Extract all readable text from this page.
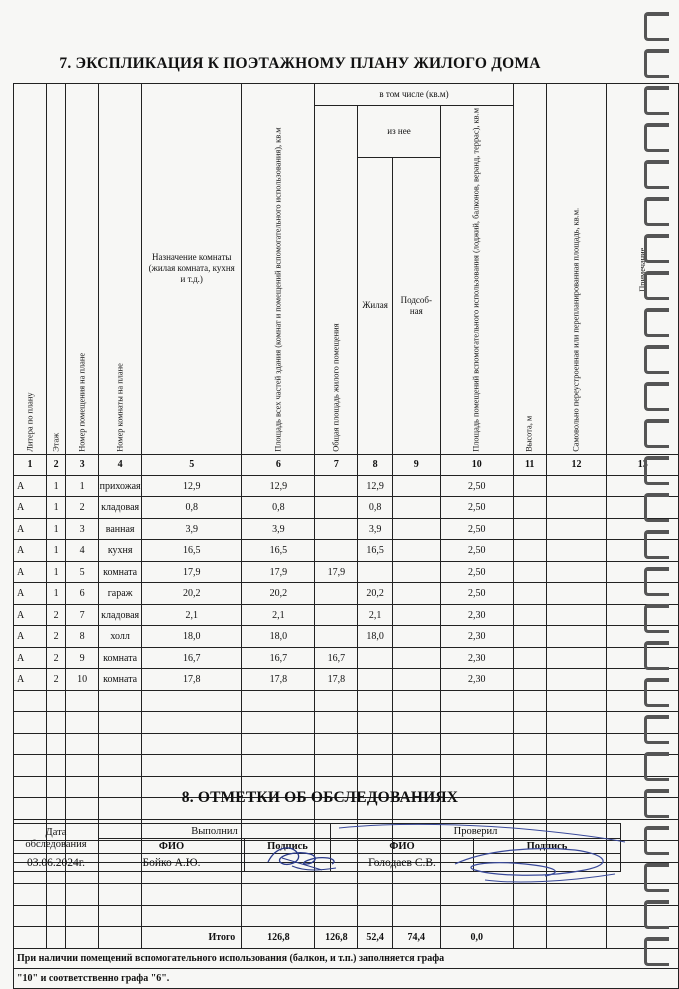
7. ЭКСПЛИКАЦИЯ К ПОЭТАЖНОМУ ПЛАНУ ЖИЛОГО ДОМА
Литера по плану	Этаж	Номер помещения на плане	Номер комнаты на плане	Назначение комнаты (жилая комната, кухня и т.д.)	Площадь всех частей здания (комнат и помещений вспомогательного использования), кв.м	в том числе (кв.м)				Высота, м	Самовольно переустроенная или перепланированная площадь, кв.м.	Примечание
						Общая площадь жилого помещения	из нее		Площадь помещений вспомогательного использования (лоджий, балконов, веранд, террас), кв.м			
							Жилая	Подсоб-ная				
1	2	3	4	5	6	7	8	9	10	11	12	13
А	1	1	прихожая	12,9	12,9		12,9		2,50			
А	1	2	кладовая	0,8	0,8		0,8		2,50			
А	1	3	ванная	3,9	3,9		3,9		2,50			
А	1	4	кухня	16,5	16,5		16,5		2,50			
А	1	5	комната	17,9	17,9	17,9			2,50			
А	1	6	гараж	20,2	20,2		20,2		2,50			
А	2	7	кладовая	2,1	2,1		2,1		2,30			
А	2	8	холл	18,0	18,0		18,0		2,30			
А	2	9	комната	16,7	16,7	16,7			2,30			
А	2	10	комната	17,8	17,8	17,8			2,30			

				Итого	126,8	126,8	52,4	74,4	0,0			
При наличии помещений вспомогательного использования (балкон, и т.п.) заполняется графа												
"10" и соответственно графа "6".												
8. ОТМЕТКИ ОБ ОБСЛЕДОВАНИЯХ
Дата обследования	Выполнил		Проверил	
	ФИО	Подпись	ФИО	Подпись
03.06.2024г.	Бойко А.Ю.		Голодаев С.В.	
